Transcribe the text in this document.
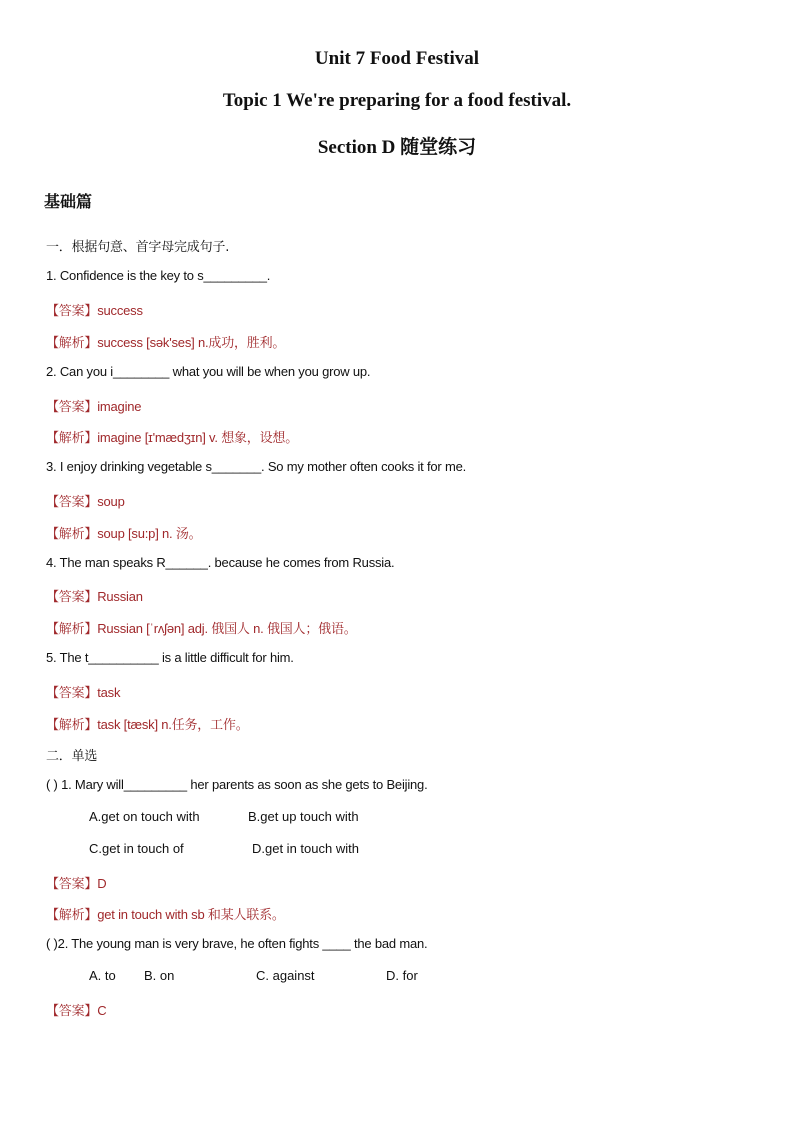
Unit 7 Food Festival
Topic 1 We're preparing for a food festival.
Section D 随堂练习
基础篇
一．根据句意、首字母完成句子.
1. Confidence is the key to s_________.
【答案】success
【解析】success [sək'ses] n.成功，胜利。
2. Can you i________ what you will be when you grow up.
【答案】imagine
【解析】imagine [ɪ'mædʒɪn] v. 想象，设想。
3. I enjoy drinking vegetable s_______. So my mother often cooks it for me.
【答案】soup
【解析】soup [su:p] n. 汤。
4. The man speaks R______. because he comes from Russia.
【答案】Russian
【解析】Russian [ˈrʌʃən] adj. 俄国人 n. 俄国人；俄语。
5. The t__________ is a little difficult for him.
【答案】task
【解析】task [tæsk] n.任务，工作。
二．单选
( ) 1. Mary will_________ her parents as soon as she gets to Beijing.
A.get on touch with	B.get up touch with
C.get in touch of	D.get in touch with
【答案】D
【解析】get in touch with sb 和某人联系。
( )2. The young man is very brave, he often fights ____ the bad man.
A. to B. on	C. against	D. for
【答案】C
